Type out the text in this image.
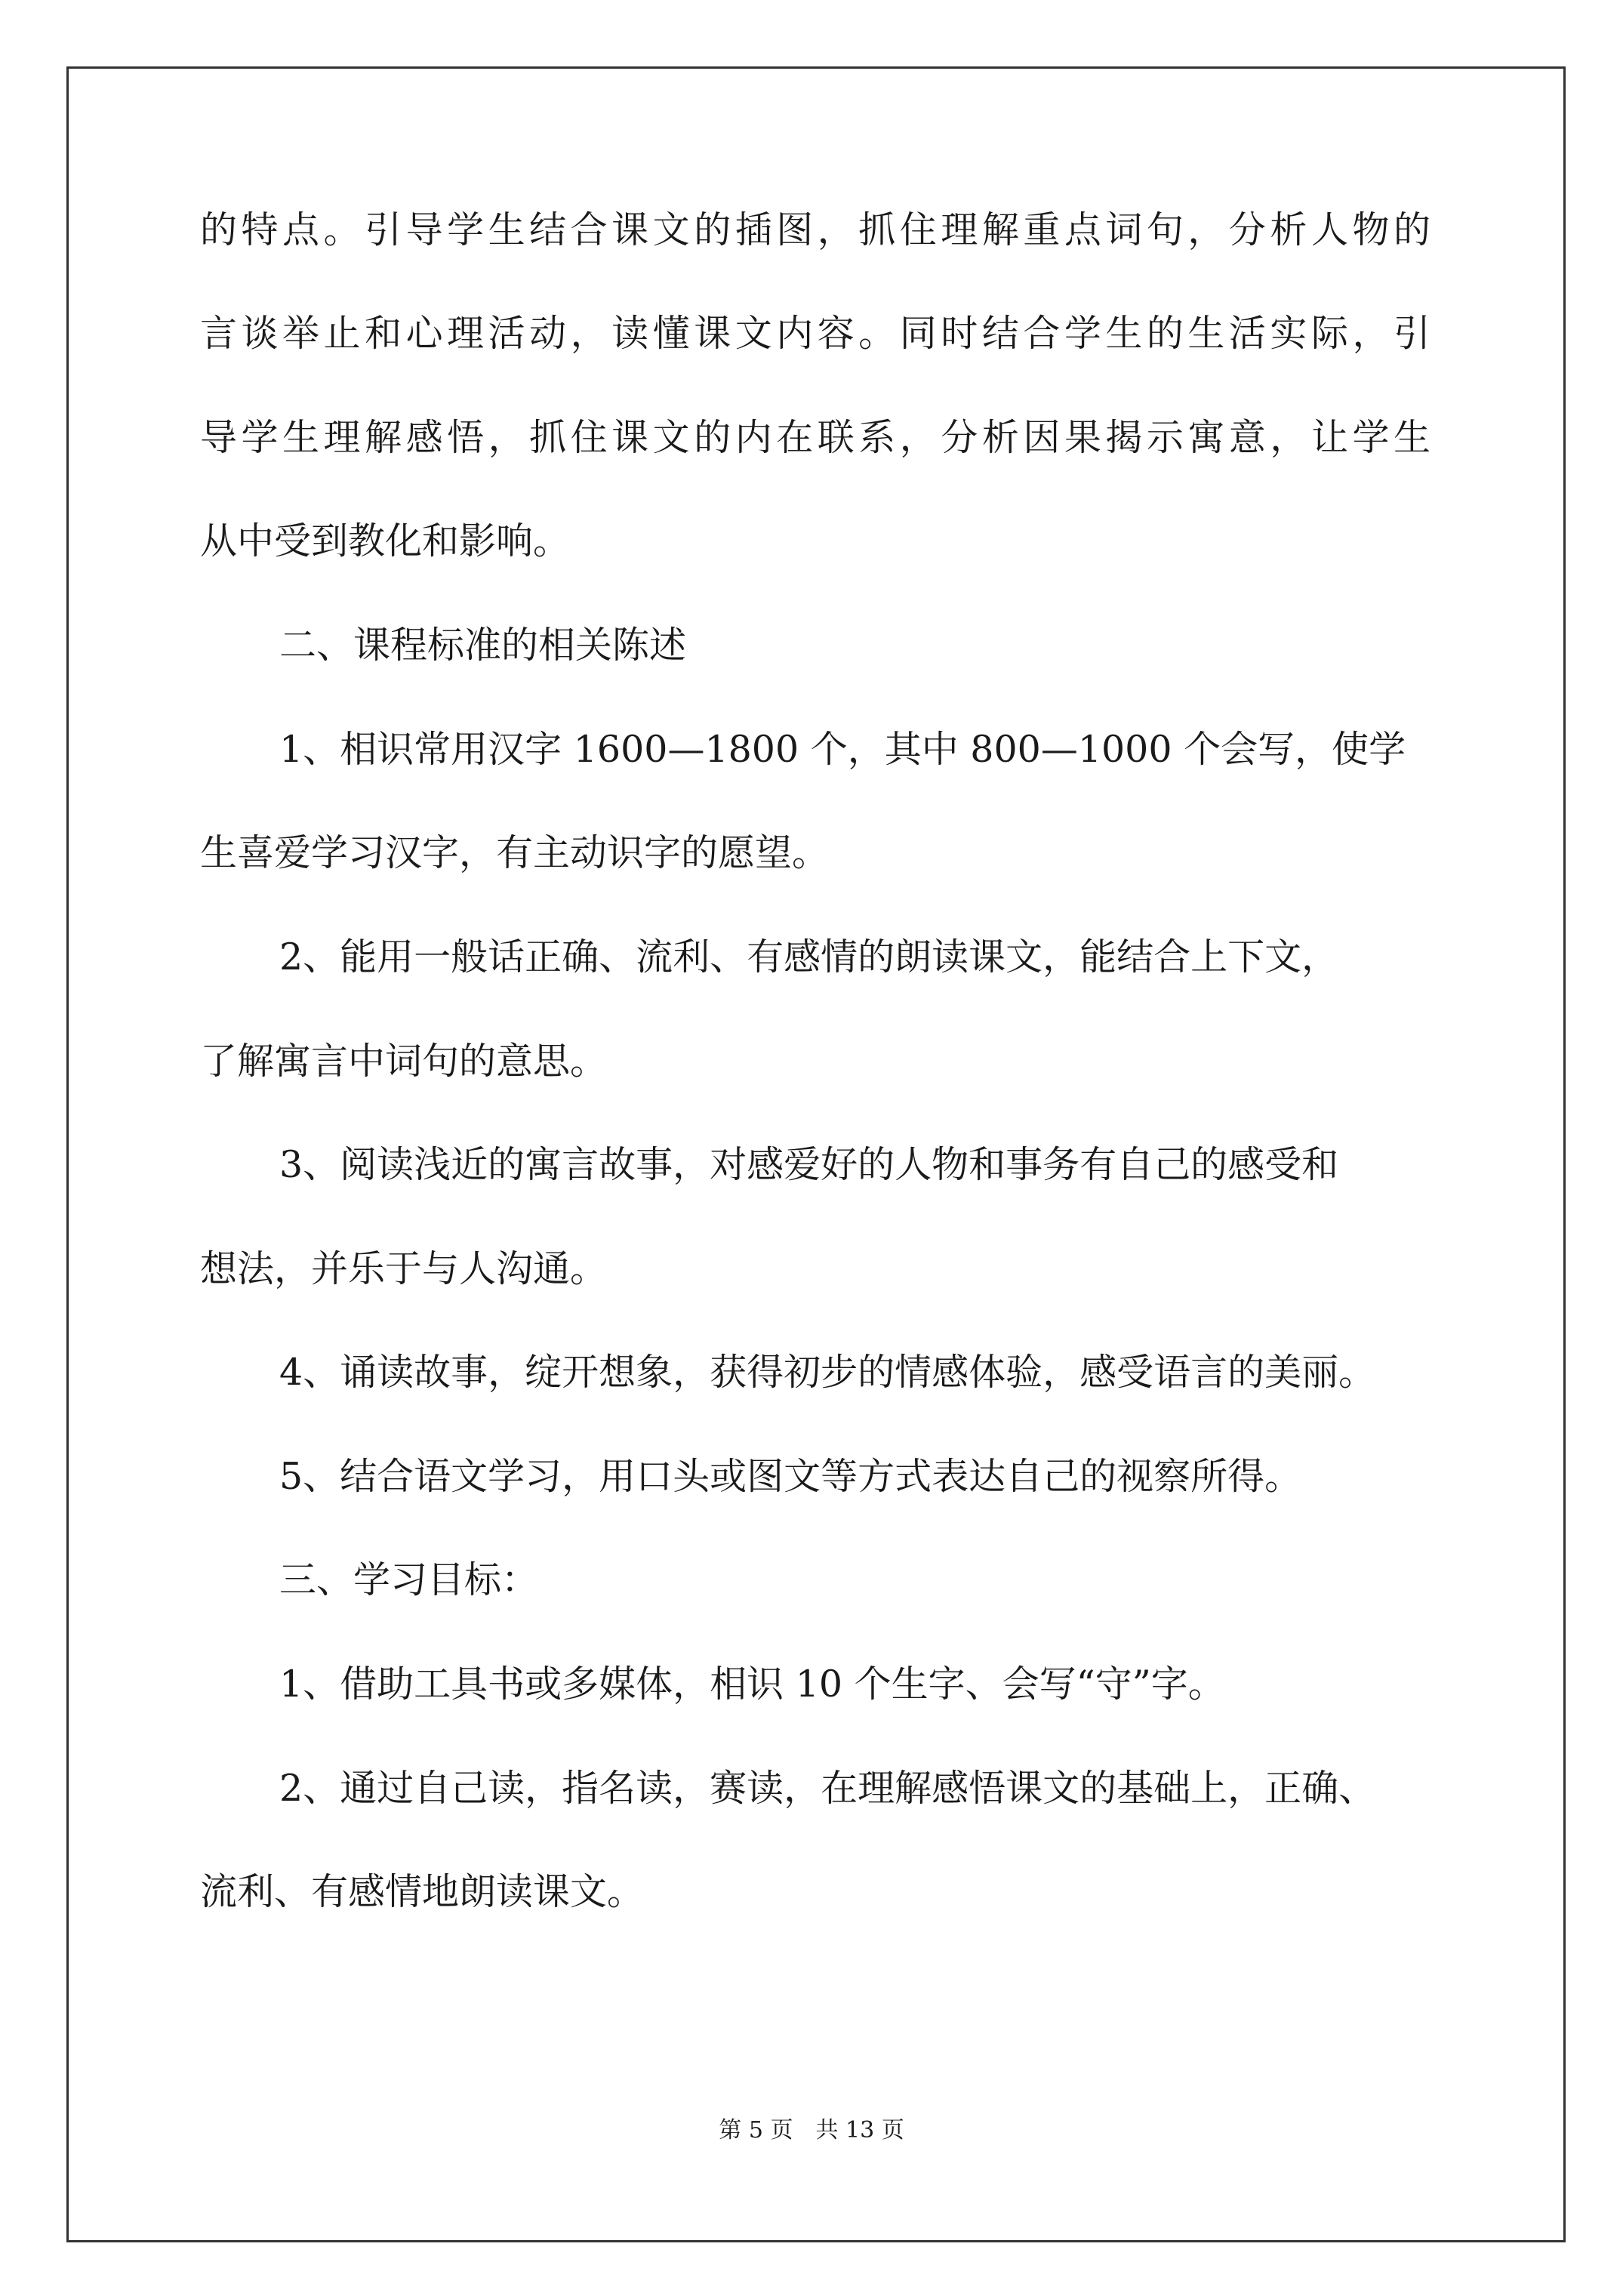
的特点。引导学生结合课文的插图，抓住理解重点词句，分析人物的
言谈举止和心理活动，读懂课文内容。同时结合学生的生活实际，引
导学生理解感悟，抓住课文的内在联系，分析因果揭示寓意，让学生
从中受到教化和影响。
二、课程标准的相关陈述
1、相识常用汉字 1600—1800 个，其中 800—1000 个会写，使学
生喜爱学习汉字，有主动识字的愿望。
2、能用一般话正确、流利、有感情的朗读课文，能结合上下文，
了解寓言中词句的意思。
3、阅读浅近的寓言故事，对感爱好的人物和事务有自己的感受和
想法，并乐于与人沟通。
4、诵读故事，绽开想象，获得初步的情感体验，感受语言的美丽。
5、结合语文学习，用口头或图文等方式表达自己的视察所得。
三、学习目标：
1、借助工具书或多媒体，相识 10 个生字、会写“守”字。
2、通过自己读，指名读，赛读，在理解感悟课文的基础上，正确、
流利、有感情地朗读课文。
第 5 页　共 13 页
